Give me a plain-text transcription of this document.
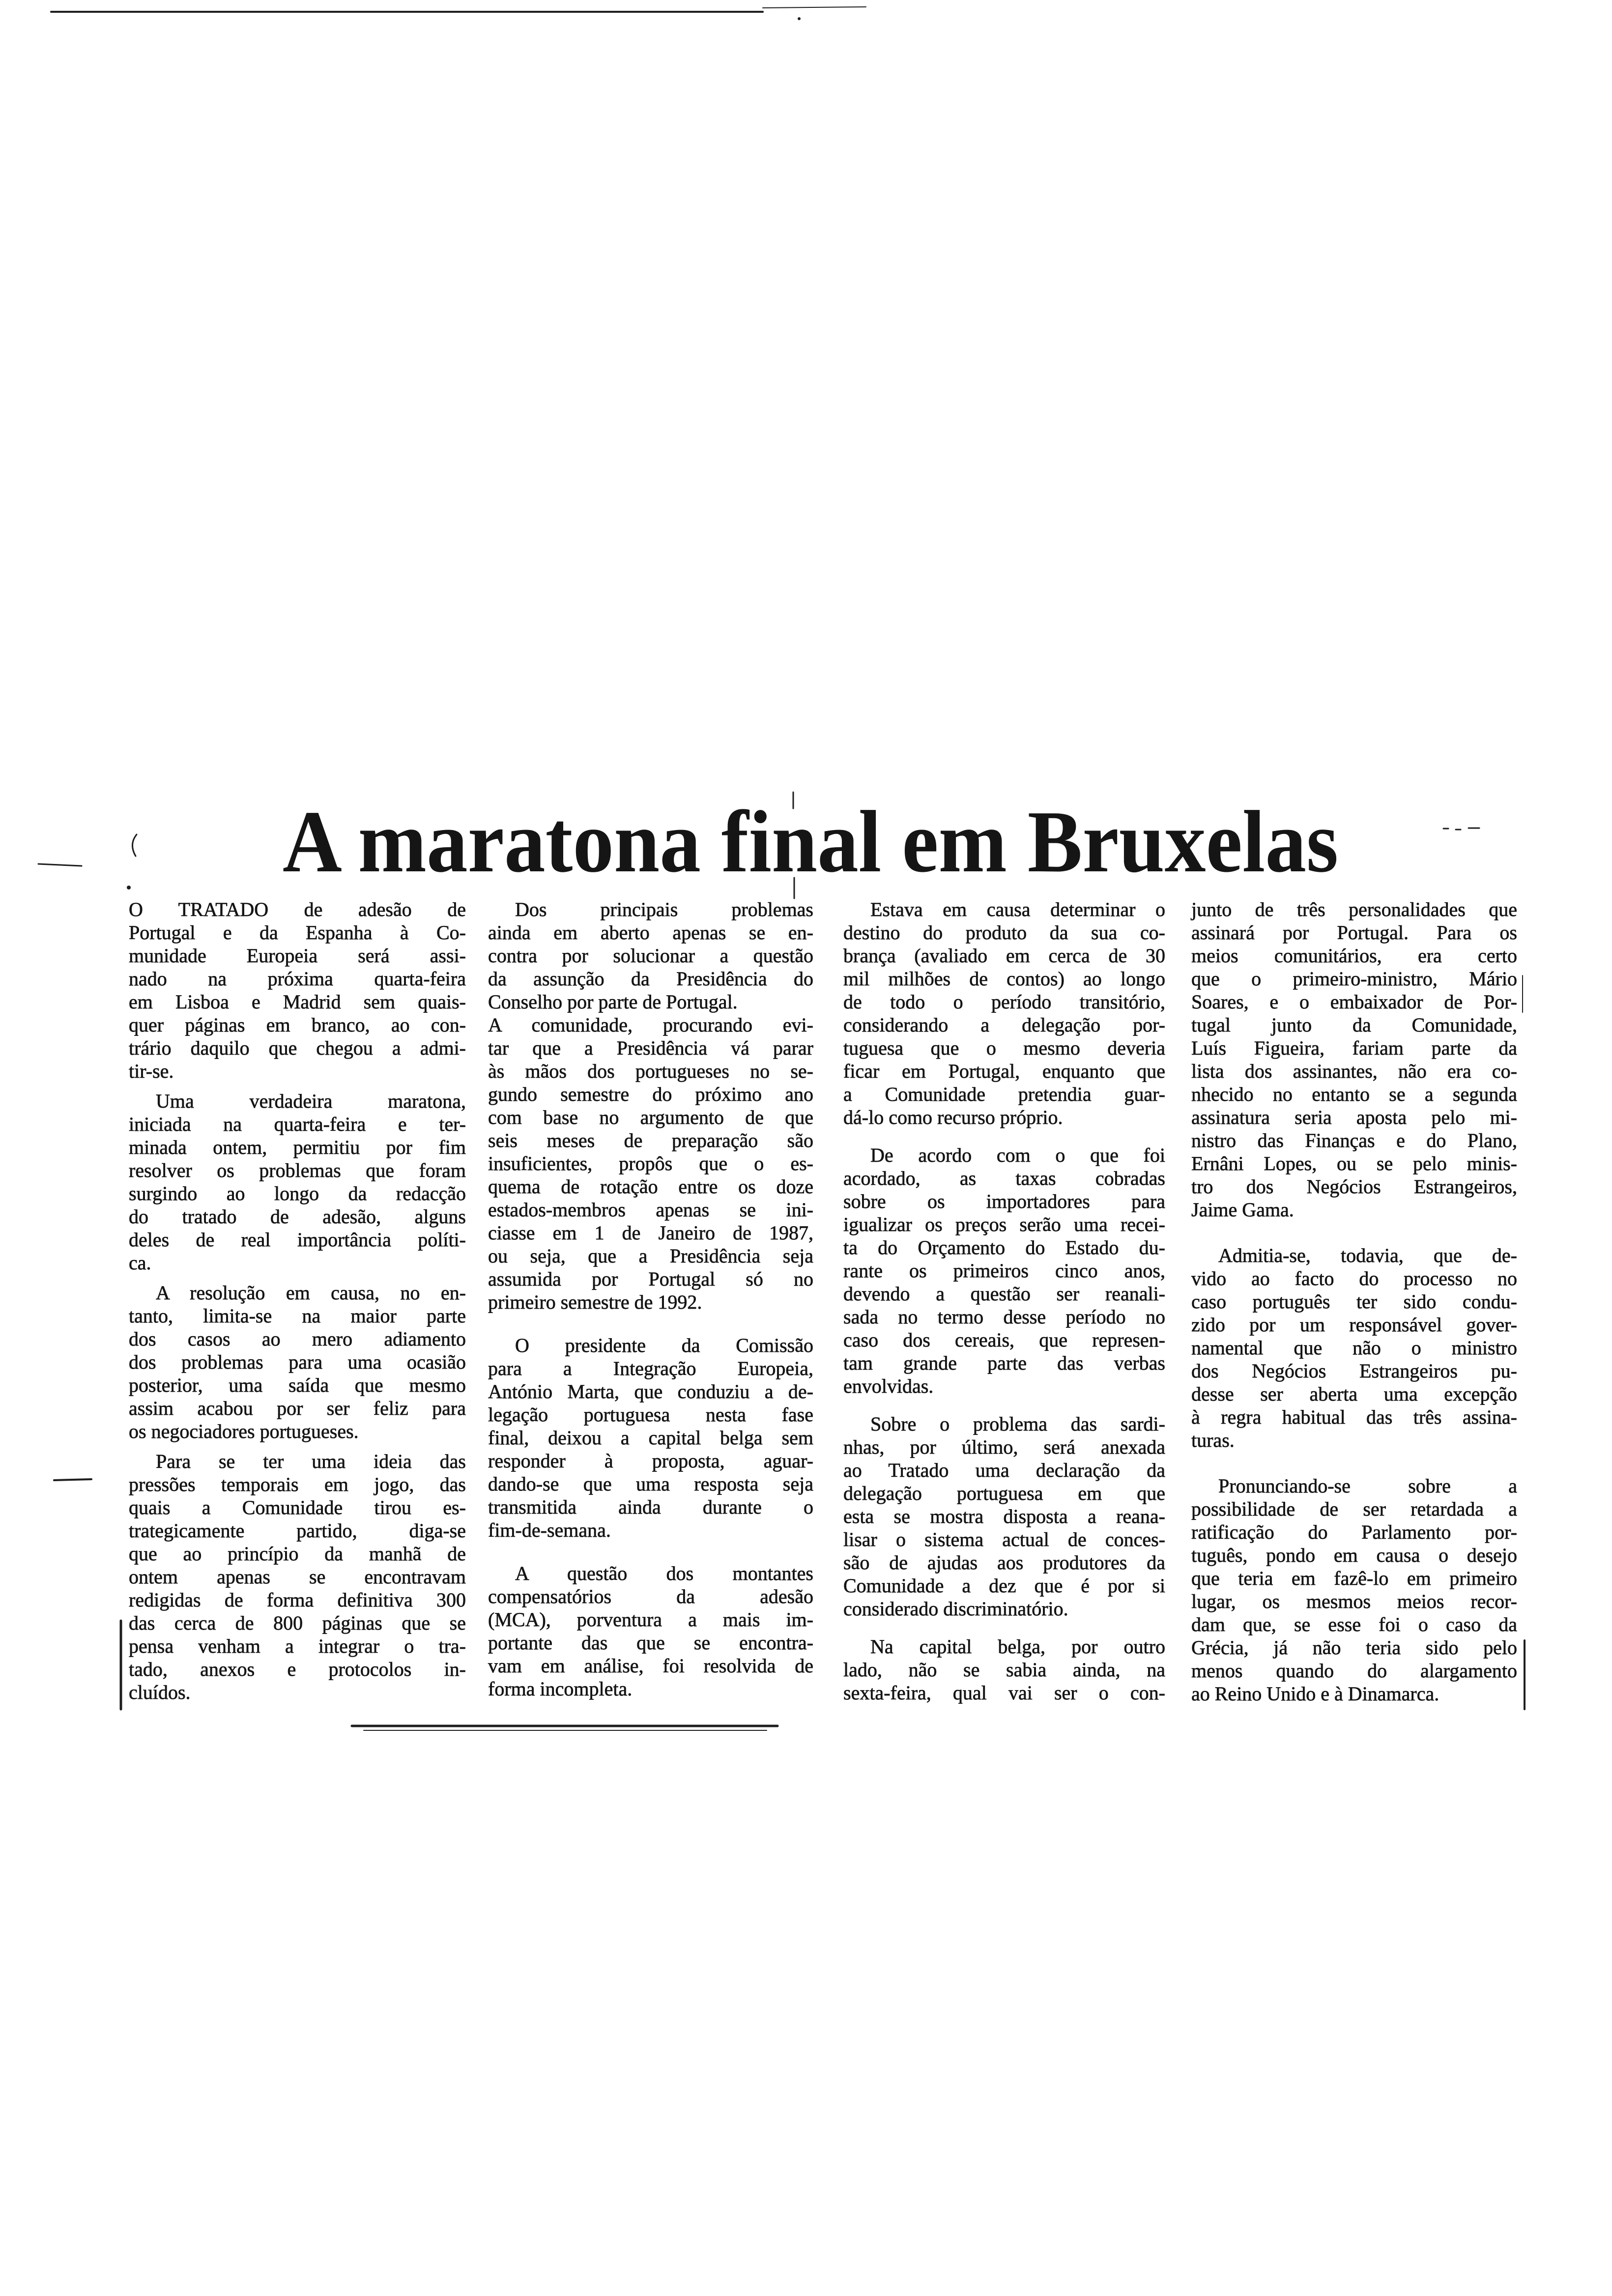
A maratona final em Bruxelas
O TRATADO de adesão de
Portugal e da Espanha à Co-
munidade Europeia será assi-
nado na próxima quarta-feira
em Lisboa e Madrid sem quais-
quer páginas em branco, ao con-
trário daquilo que chegou a admi-
tir-se.
Uma verdadeira maratona,
iniciada na quarta-feira e ter-
minada ontem, permitiu por fim
resolver os problemas que foram
surgindo ao longo da redacção
do tratado de adesão, alguns
deles de real importância políti-
ca.
A resolução em causa, no en-
tanto, limita-se na maior parte
dos casos ao mero adiamento
dos problemas para uma ocasião
posterior, uma saída que mesmo
assim acabou por ser feliz para
os negociadores portugueses.
Para se ter uma ideia das
pressões temporais em jogo, das
quais a Comunidade tirou es-
trategicamente partido, diga-se
que ao princípio da manhã de
ontem apenas se encontravam
redigidas de forma definitiva 300
das cerca de 800 páginas que se
pensa venham a integrar o tra-
tado, anexos e protocolos in-
cluídos.
Dos principais problemas
ainda em aberto apenas se en-
contra por solucionar a questão
da assunção da Presidência do
Conselho por parte de Portugal.
A comunidade, procurando evi-
tar que a Presidência vá parar
às mãos dos portugueses no se-
gundo semestre do próximo ano
com base no argumento de que
seis meses de preparação são
insuficientes, propôs que o es-
quema de rotação entre os doze
estados-membros apenas se ini-
ciasse em 1 de Janeiro de 1987,
ou seja, que a Presidência seja
assumida por Portugal só no
primeiro semestre de 1992.
O presidente da Comissão
para a Integração Europeia,
António Marta, que conduziu a de-
legação portuguesa nesta fase
final, deixou a capital belga sem
responder à proposta, aguar-
dando-se que uma resposta seja
transmitida ainda durante o
fim-de-semana.
A questão dos montantes
compensatórios da adesão
(MCA), porventura a mais im-
portante das que se encontra-
vam em análise, foi resolvida de
forma incompleta.
Estava em causa determinar o
destino do produto da sua co-
brança (avaliado em cerca de 30
mil milhões de contos) ao longo
de todo o período transitório,
considerando a delegação por-
tuguesa que o mesmo deveria
ficar em Portugal, enquanto que
a Comunidade pretendia guar-
dá-lo como recurso próprio.
De acordo com o que foi
acordado, as taxas cobradas
sobre os importadores para
igualizar os preços serão uma recei-
ta do Orçamento do Estado du-
rante os primeiros cinco anos,
devendo a questão ser reanali-
sada no termo desse período no
caso dos cereais, que represen-
tam grande parte das verbas
envolvidas.
Sobre o problema das sardi-
nhas, por último, será anexada
ao Tratado uma declaração da
delegação portuguesa em que
esta se mostra disposta a reana-
lisar o sistema actual de conces-
são de ajudas aos produtores da
Comunidade a dez que é por si
considerado discriminatório.
Na capital belga, por outro
lado, não se sabia ainda, na
sexta-feira, qual vai ser o con-
junto de três personalidades que
assinará por Portugal. Para os
meios comunitários, era certo
que o primeiro-ministro, Mário
Soares, e o embaixador de Por-
tugal junto da Comunidade,
Luís Figueira, fariam parte da
lista dos assinantes, não era co-
nhecido no entanto se a segunda
assinatura seria aposta pelo mi-
nistro das Finanças e do Plano,
Ernâni Lopes, ou se pelo minis-
tro dos Negócios Estrangeiros,
Jaime Gama.
Admitia-se, todavia, que de-
vido ao facto do processo no
caso português ter sido condu-
zido por um responsável gover-
namental que não o ministro
dos Negócios Estrangeiros pu-
desse ser aberta uma excepção
à regra habitual das três assina-
turas.
Pronunciando-se sobre a
possibilidade de ser retardada a
ratificação do Parlamento por-
tuguês, pondo em causa o desejo
que teria em fazê-lo em primeiro
lugar, os mesmos meios recor-
dam que, se esse foi o caso da
Grécia, já não teria sido pelo
menos quando do alargamento
ao Reino Unido e à Dinamarca.
